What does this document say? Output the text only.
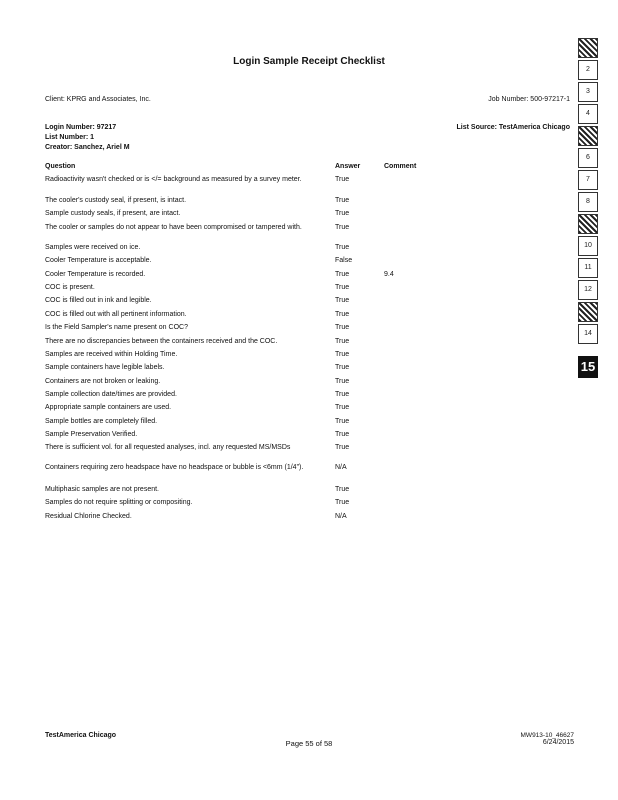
Login Sample Receipt Checklist
Client: KPRG and Associates, Inc.	Job Number: 500-97217-1
Login Number: 97217
List Number: 1
Creator: Sanchez, Ariel M
List Source: TestAmerica Chicago
Question	Answer	Comment
Radioactivity wasn't checked or is </= background as measured by a survey meter.	True
The cooler's custody seal, if present, is intact.	True
Sample custody seals, if present, are intact.	True
The cooler or samples do not appear to have been compromised or tampered with.	True
Samples were received on ice.	True
Cooler Temperature is acceptable.	False
Cooler Temperature is recorded.	True	9.4
COC is present.	True
COC is filled out in ink and legible.	True
COC is filled out with all pertinent information.	True
Is the Field Sampler's name present on COC?	True
There are no discrepancies between the containers received and the COC.	True
Samples are received within Holding Time.	True
Sample containers have legible labels.	True
Containers are not broken or leaking.	True
Sample collection date/times are provided.	True
Appropriate sample containers are used.	True
Sample bottles are completely filled.	True
Sample Preservation Verified.	True
There is sufficient vol. for all requested analyses, incl. any requested MS/MSDs	True
Containers requiring zero headspace have no headspace or bubble is <6mm (1/4").	N/A
Multiphasic samples are not present.	True
Samples do not require splitting or compositing.	True
Residual Chlorine Checked.	N/A
TestAmerica Chicago
Page 55 of 58
MW913-10_46627
6/24/2015
2
3
4
6
7
8
10
11
12
14
15
